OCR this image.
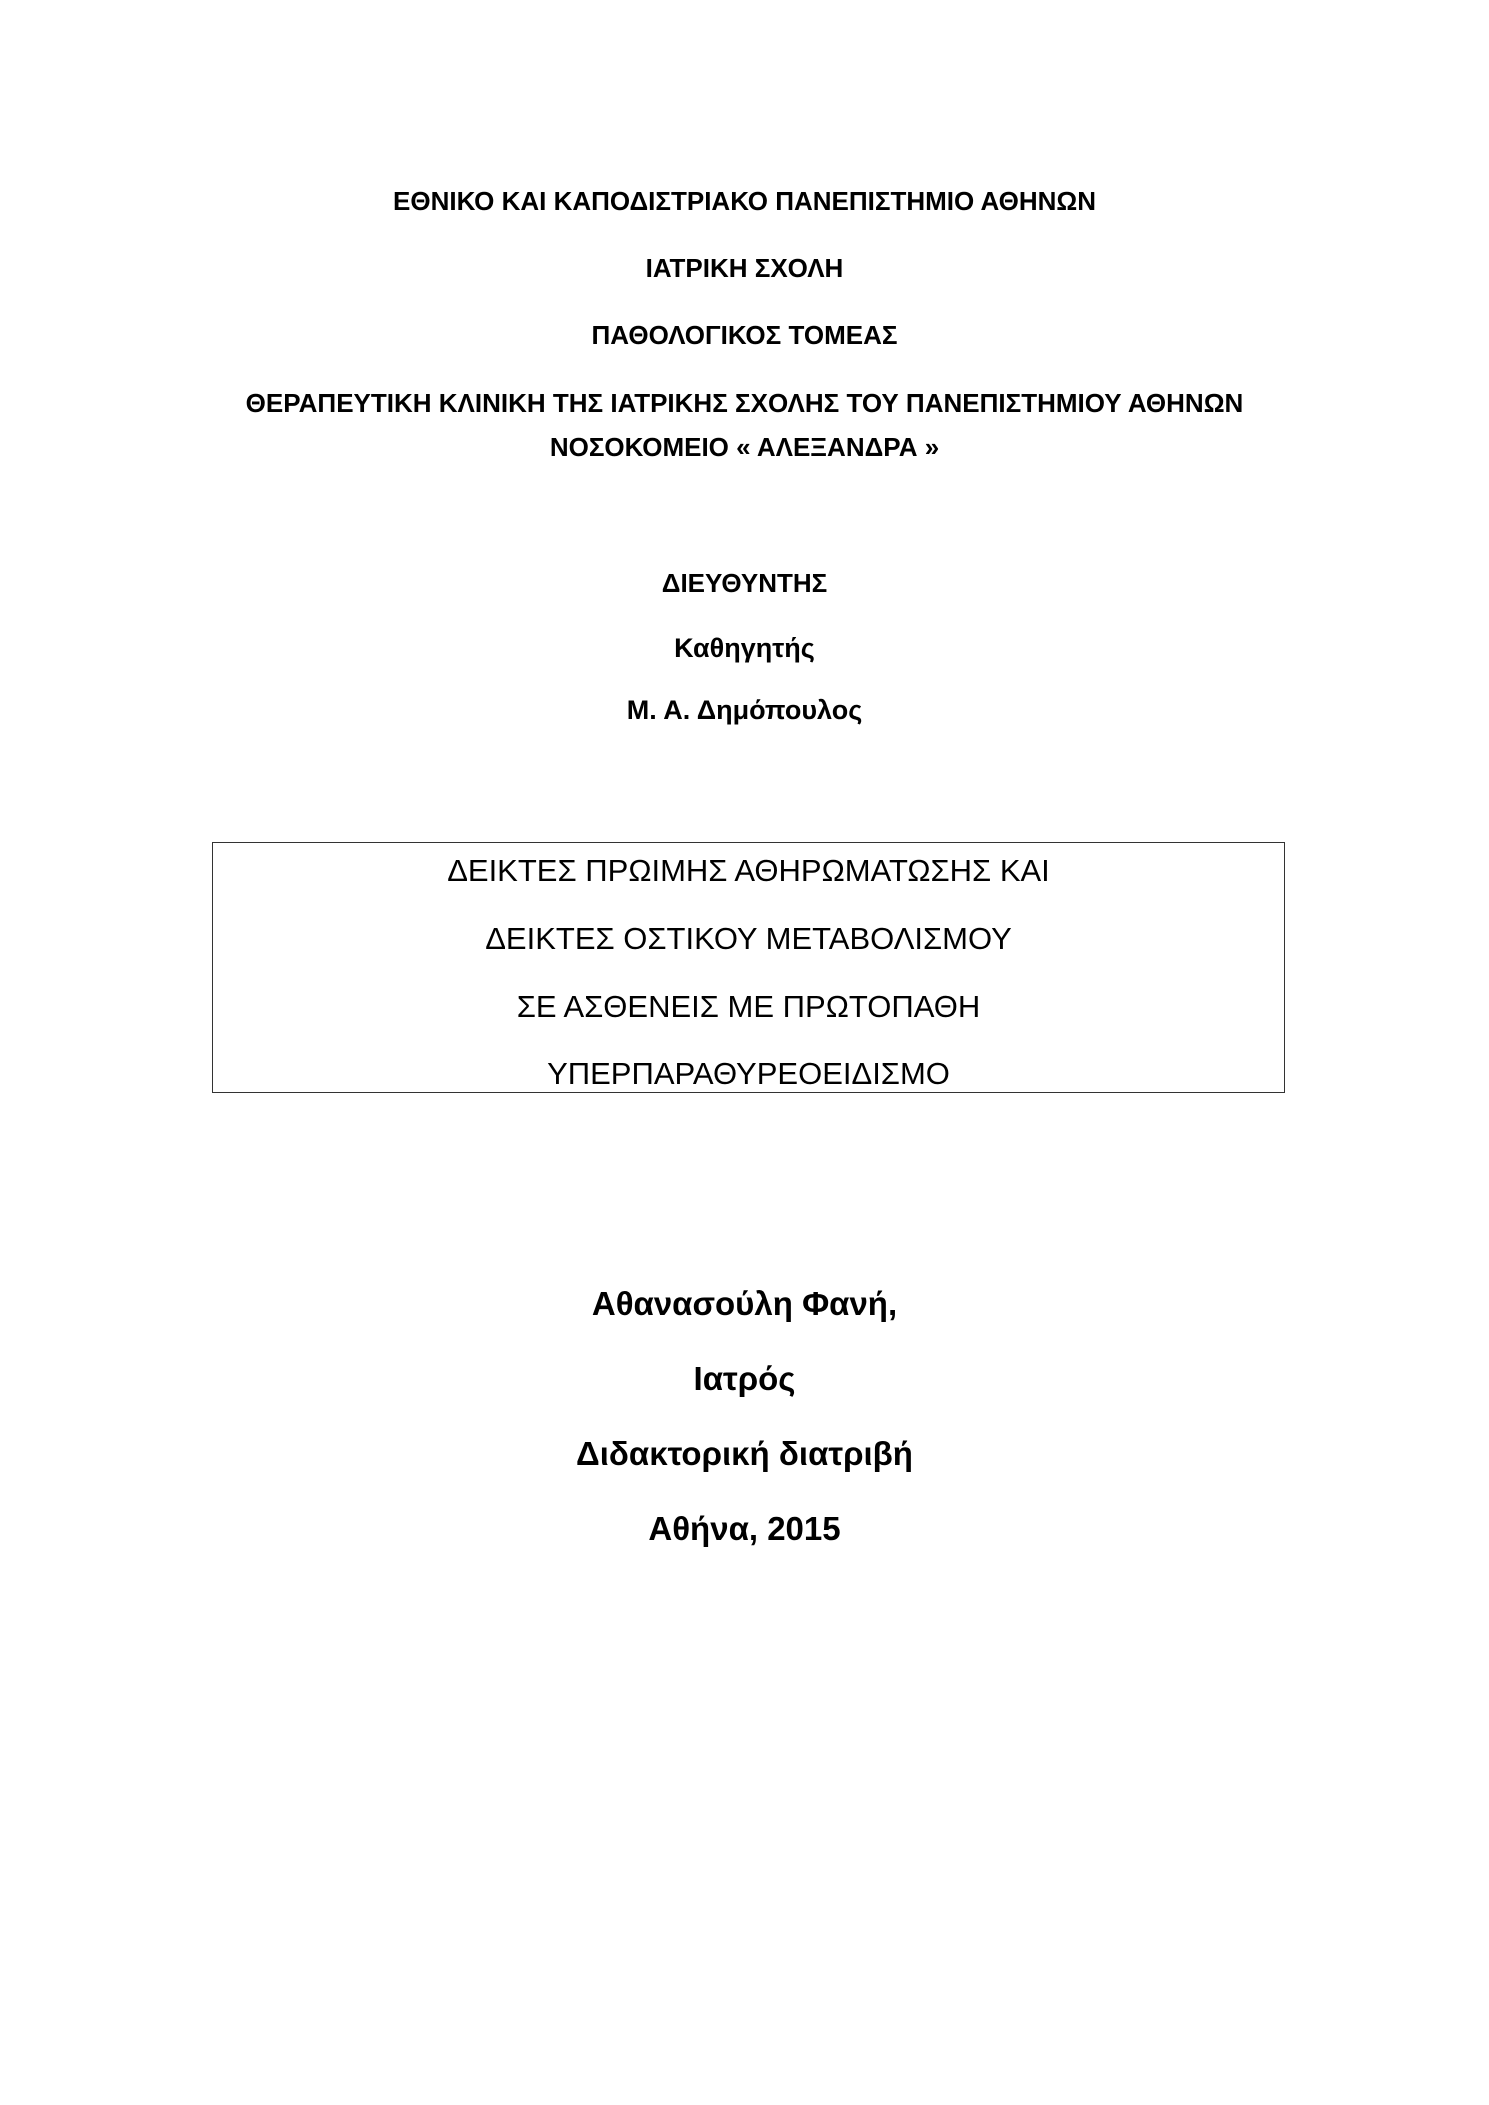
ΕΘΝΙΚΟ ΚΑΙ ΚΑΠΟΔΙΣΤΡΙΑΚΟ ΠΑΝΕΠΙΣΤΗΜΙΟ ΑΘΗΝΩΝ
ΙΑΤΡΙΚΗ ΣΧΟΛΗ
ΠΑΘΟΛΟΓΙΚΟΣ ΤΟΜΕΑΣ
ΘΕΡΑΠΕΥΤΙΚΗ ΚΛΙΝΙΚΗ ΤΗΣ ΙΑΤΡΙΚΗΣ ΣΧΟΛΗΣ ΤΟΥ ΠΑΝΕΠΙΣΤΗΜΙΟΥ ΑΘΗΝΩΝ
ΝΟΣΟΚΟΜΕΙΟ « ΑΛΕΞΑΝΔΡΑ »
ΔΙΕΥΘΥΝΤΗΣ
Καθηγητής
Μ. Α. Δημόπουλος
ΔΕΙΚΤΕΣ ΠΡΩΙΜΗΣ ΑΘΗΡΩΜΑΤΩΣΗΣ ΚΑΙ
ΔΕΙΚΤΕΣ ΟΣΤΙΚΟΥ ΜΕΤΑΒΟΛΙΣΜΟΥ
ΣΕ ΑΣΘΕΝΕΙΣ ΜΕ ΠΡΩΤΟΠΑΘΗ
ΥΠΕΡΠΑΡΑΘΥΡΕΟΕΙΔΙΣΜΟ
Αθανασούλη Φανή,
Ιατρός
Διδακτορική διατριβή
Αθήνα, 2015
